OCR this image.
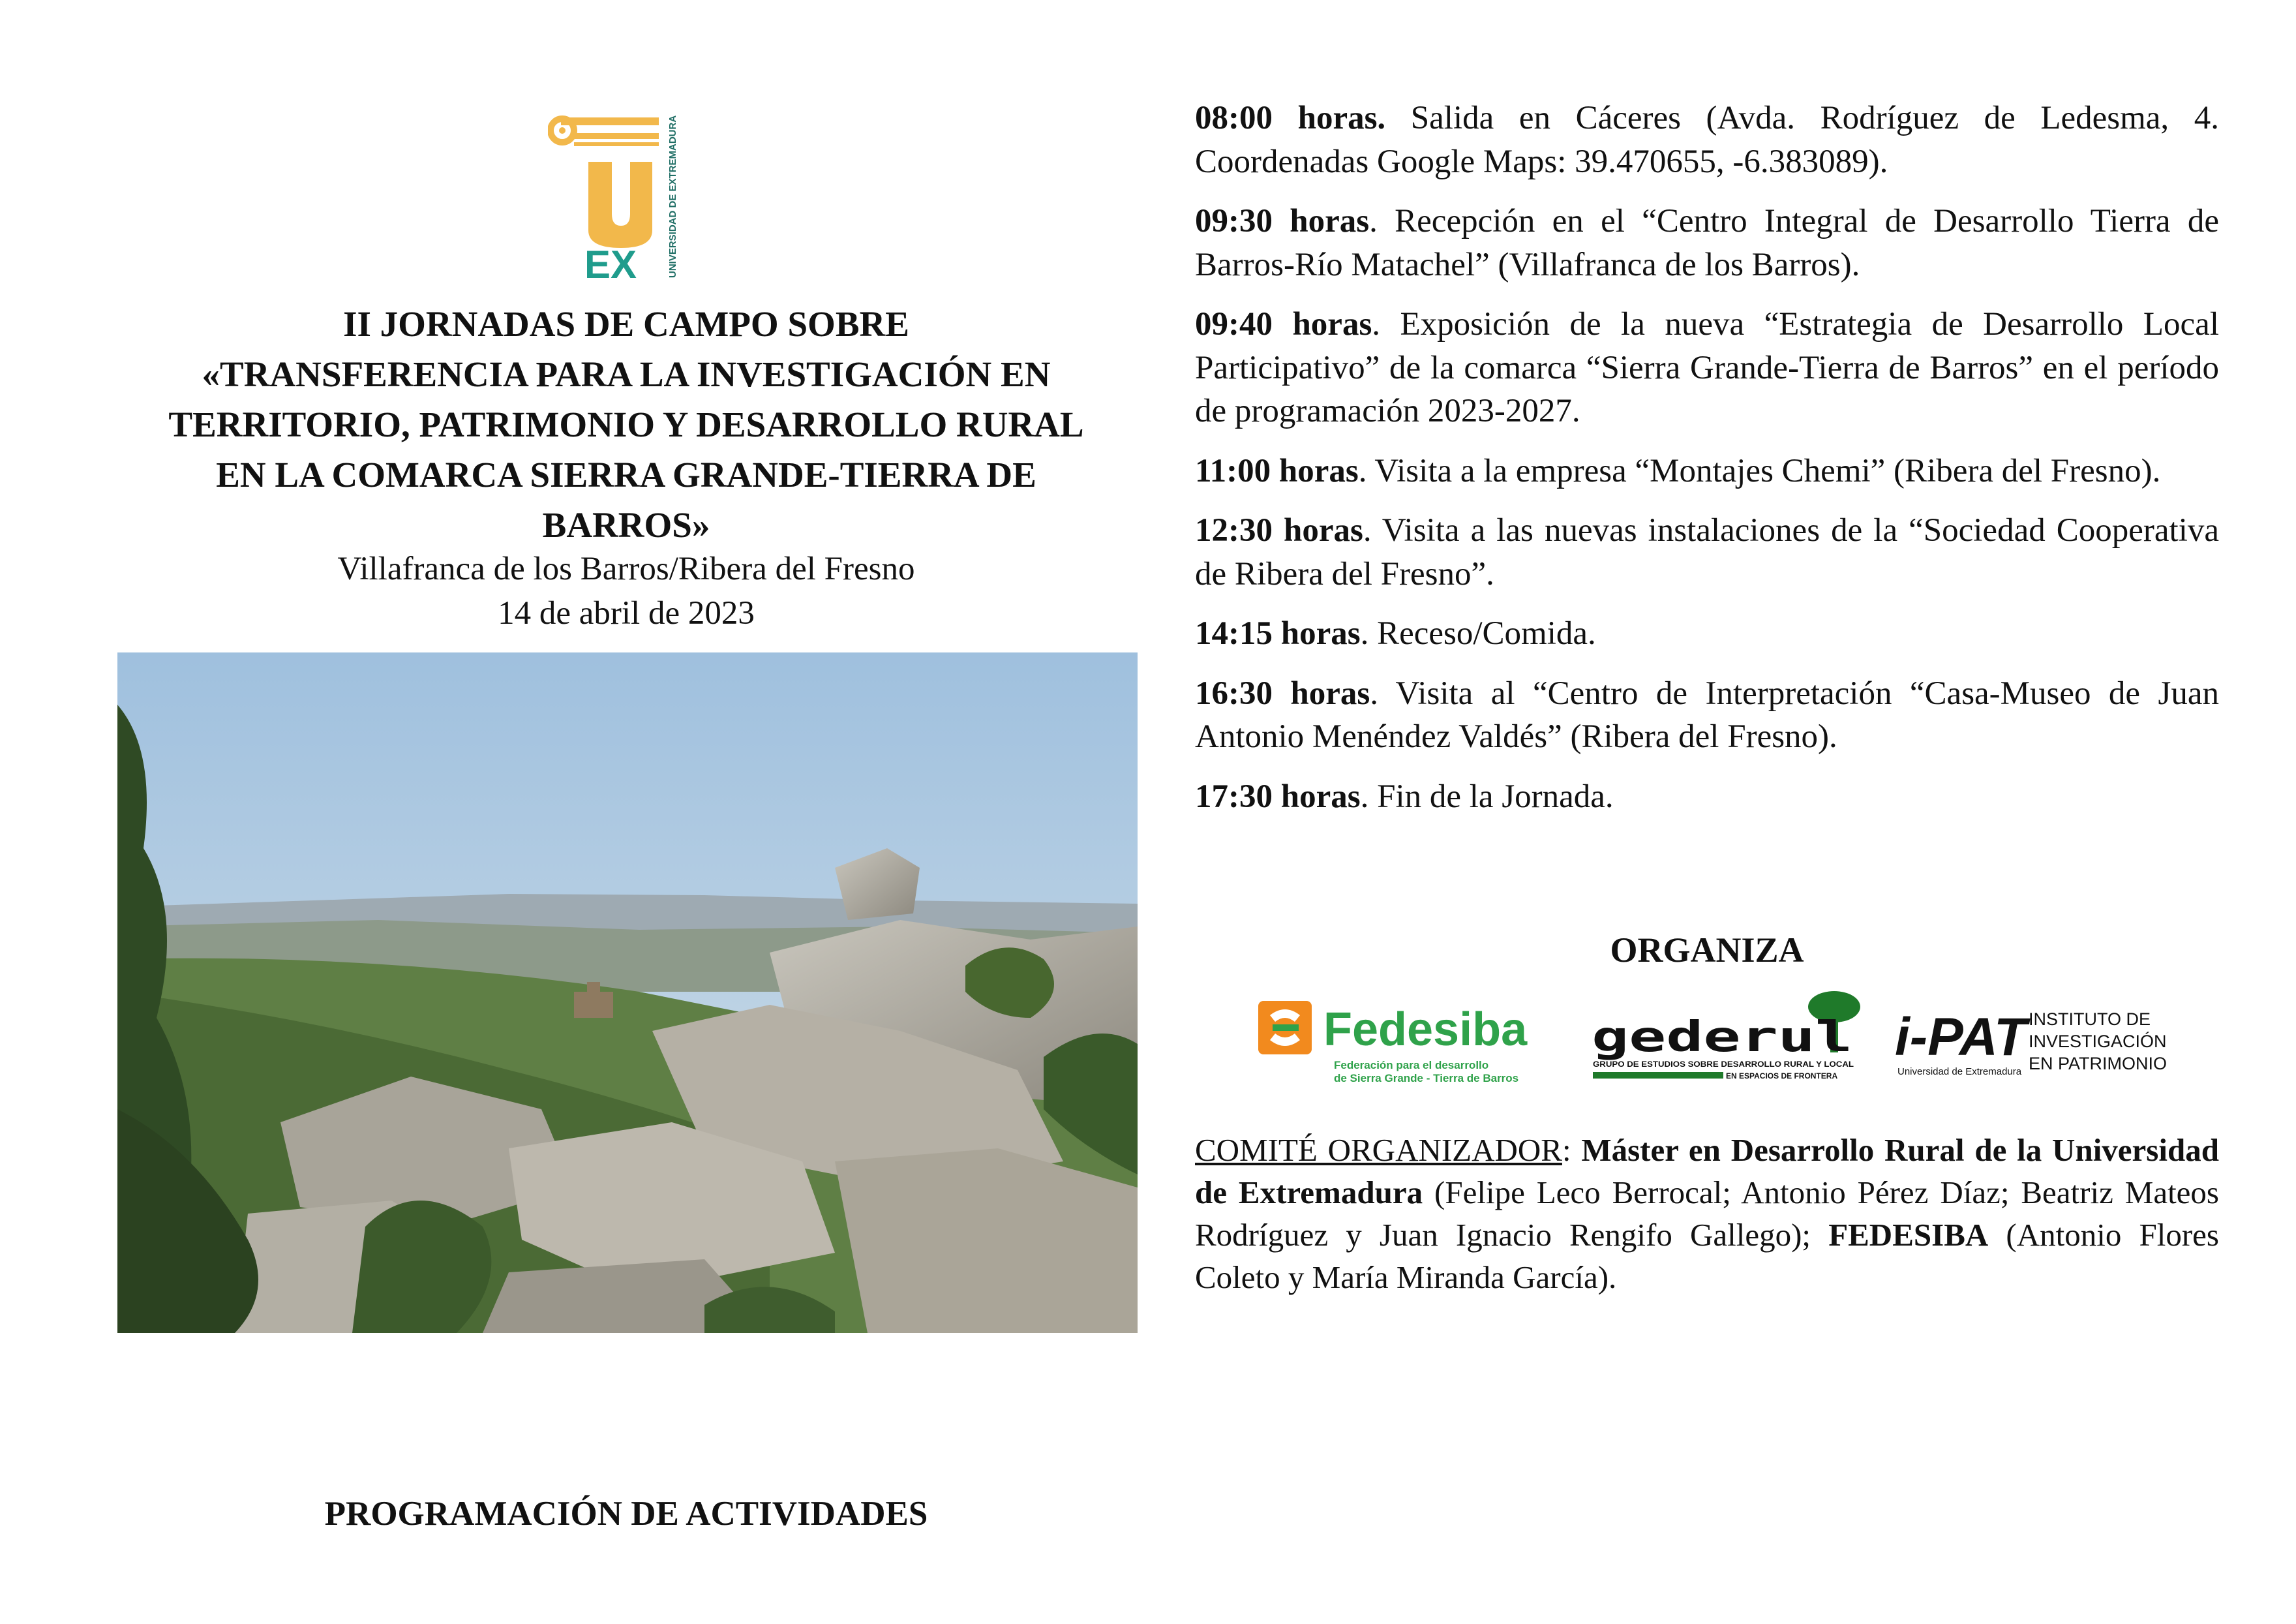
EX	UNIVERSIDAD DE EXTREMADURA
II JORNADAS DE CAMPO SOBRE
«TRANSFERENCIA PARA LA INVESTIGACIÓN EN
TERRITORIO, PATRIMONIO Y DESARROLLO RURAL
EN LA COMARCA SIERRA GRANDE-TIERRA DE
BARROS»
Villafranca de los Barros/Ribera del Fresno
14 de abril de 2023
PROGRAMACIÓN DE ACTIVIDADES

08:00 horas. Salida en Cáceres (Avda. Rodríguez de Ledesma, 4. Coordenadas Google Maps: 39.470655, -6.383089).

09:30 horas. Recepción en el “Centro Integral de Desarrollo Tierra de Barros-Río Matachel” (Villafranca de los Barros).

09:40 horas. Exposición de la nueva “Estrategia de Desarrollo Local Participativo” de la comarca “Sierra Grande-Tierra de Barros” en el período de programación 2023-2027.

11:00 horas. Visita a la empresa “Montajes Chemi” (Ribera del Fresno).

12:30 horas. Visita a las nuevas instalaciones de la “Sociedad Cooperativa de Ribera del Fresno”.

14:15 horas. Receso/Comida.

16:30 horas. Visita al “Centro de Interpretación “Casa-Museo de Juan Antonio Menéndez Valdés” (Ribera del Fresno).

17:30 horas. Fin de la Jornada.

ORGANIZA
Fedesiba
Federación para el desarrollo
de Sierra Grande - Tierra de Barros
gederul
GRUPO DE ESTUDIOS SOBRE DESARROLLO RURAL Y LOCAL
EN ESPACIOS DE FRONTERA
i-PAT
Universidad de Extremadura
INSTITUTO DE
INVESTIGACIÓN
EN PATRIMONIO
COMITÉ ORGANIZADOR: Máster en Desarrollo Rural de la Universidad de Extremadura (Felipe Leco Berrocal; Antonio Pérez Díaz; Beatriz Mateos Rodríguez y Juan Ignacio Rengifo Gallego); FEDESIBA (Antonio Flores Coleto y María Miranda García).
